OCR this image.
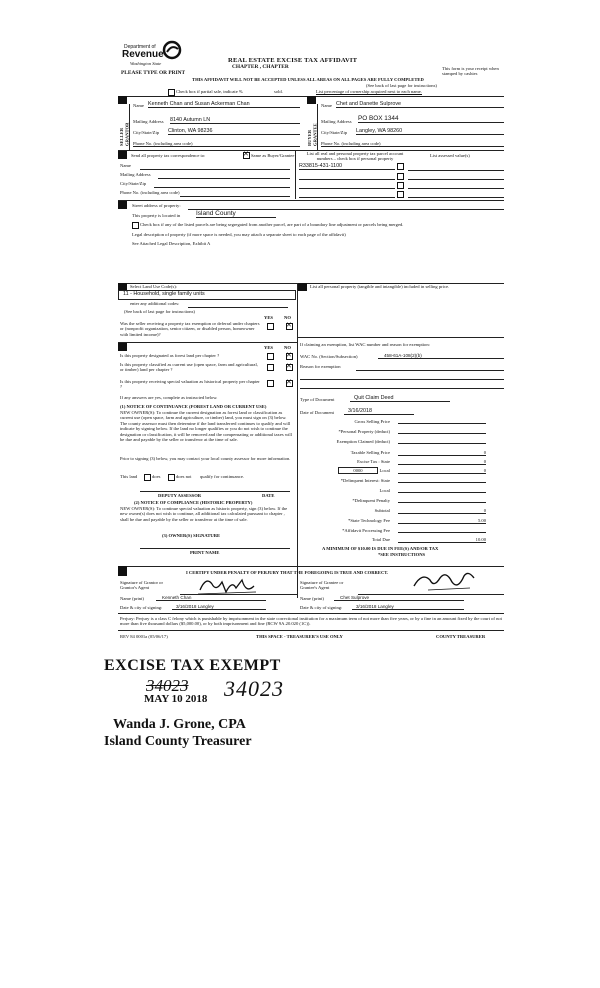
Department of
Revenue
Washington State	REAL ESTATE EXCISE TAX AFFIDAVIT
CHAPTER , CHAPTER
PLEASE TYPE OR PRINT
THIS AFFIDAVIT WILL NOT BE ACCEPTED UNLESS ALL AREAS ON ALL PAGES ARE FULLY COMPLETED
(See back of last page for instructions)
This form is your receipt when stamped by cashier.
Check box if partial sale, indicate %	sold.	List percentage of ownership acquired next to each name.
SELLER GRANTOR
Name Kenneth Chan and Susan Ackerman Chan
Mailing Address 8140 Autumn LN
City/State/Zip Clinton, WA 98236
Phone No. (including area code)	BUYER GRANTEE
Name Chet and Danette Sulprove
Mailing Address PO BOX 1344
City/State/Zip Langley, WA 98260
Phone No. (including area code)
Send all property tax correspondence to: ✕	Same as Buyer/Grantee
Name
Mailing Address
City/State/Zip
Phone No. (including area code)
List all real and personal property tax parcel account numbers – check box if personal property
List assessed value(s)
R33815-431-1100
Street address of property:
This property is located in Island County
Check box if any of the listed parcels are being segregated from another parcel, are part of a boundary line adjustment or parcels being merged.
Legal description of property (if more space is needed, you may attach a separate sheet to each page of the affidavit)
See Attached Legal Description, Exhibit A
Select Land Use Code(s):
11 - Household, single family units
enter any additional codes:
(See back of last page for instructions)
YES NO
Was the seller receiving a property tax exemption or deferral under chapters or (nonprofit organization, senior citizen, or disabled person, homeowner with limited income)?
✕
YES NO
Is this property designated as forest land per chapter ?
✕
Is this property classified as current use (open space, farm and agricultural, or timber) land per chapter ?
✕
Is this property receiving special valuation as historical property per chapter ?
✕
If any answers are yes, complete as instructed below.
(1) NOTICE OF CONTINUANCE (FOREST LAND OR CURRENT USE)
NEW OWNER(S): To continue the current designation as forest land or classification as current use (open space, farm and agriculture, or timber) land, you must sign on (3) below. The county assessor must then determine if the land transferred continues to qualify and will indicate by signing below. If the land no longer qualifies or you do not wish to continue the designation or classification, it will be removed and the compensating or additional taxes will be due and payable by the seller or transferor at the time of sale.
Prior to signing (3) below, you may contact your local county assessor for more information.
This land	does	does not qualify for continuance.
DEPUTY ASSESSOR	DATE
(2) NOTICE OF COMPLIANCE (HISTORIC PROPERTY)
NEW OWNER(S): To continue special valuation as historic property, sign (3) below. If the new owner(s) does not wish to continue, all additional tax calculated pursuant to chapter , shall be due and payable by the seller or transferor at the time of sale.
(3) OWNER(S) SIGNATURE
PRINT NAME
List all personal property (tangible and intangible) included in selling price.
If claiming an exemption, list WAC number and reason for exemption:
WAC No. (Section/Subsection)	458-61A-108(2)(b)
Reason for exemption
Type of Document	Quit Claim Deed
Date of Document	3/16/2018
Gross Selling Price
*Personal Property (deduct)
Exemption Claimed (deduct)
Taxable Selling Price	0
Excise Tax : State	0
Local	0
*Delinquent Interest: State
Local
*Delinquent Penalty
Subtotal	0
*State Technology Fee	5.00
*Affidavit Processing Fee
Total Due	10.00
0000
A MINIMUM OF $10.00 IS DUE IN FEE(S) AND/OR TAX
*SEE INSTRUCTIONS
I CERTIFY UNDER PENALTY OF PERJURY THAT THE FOREGOING IS TRUE AND CORRECT.
Signature of Grantor or Grantor's Agent
Signature of Grantee or Grantee's Agent
Name (print)	Kenneth Chan	Name (print)	Chet Sulprove
Date & city of signing:	3/16/2018 Langley	Date & city of signing:	3/16/2018 Langley
Perjury: Perjury is a class C felony which is punishable by imprisonment in the state correctional institution for a maximum term of not more than five years, or by a fine in an amount fixed by the court of not more than five thousand dollars ($5,000.00), or by both imprisonment and fine (RCW 9A.20.020 (1C)).
REV 84 0001a (05/06/17)	THIS SPACE - TREASURER'S USE ONLY	COUNTY TREASURER
EXCISE TAX EXEMPT
34023
MAY 10 2018 34023
Wanda J. Grone, CPA
Island County Treasurer
